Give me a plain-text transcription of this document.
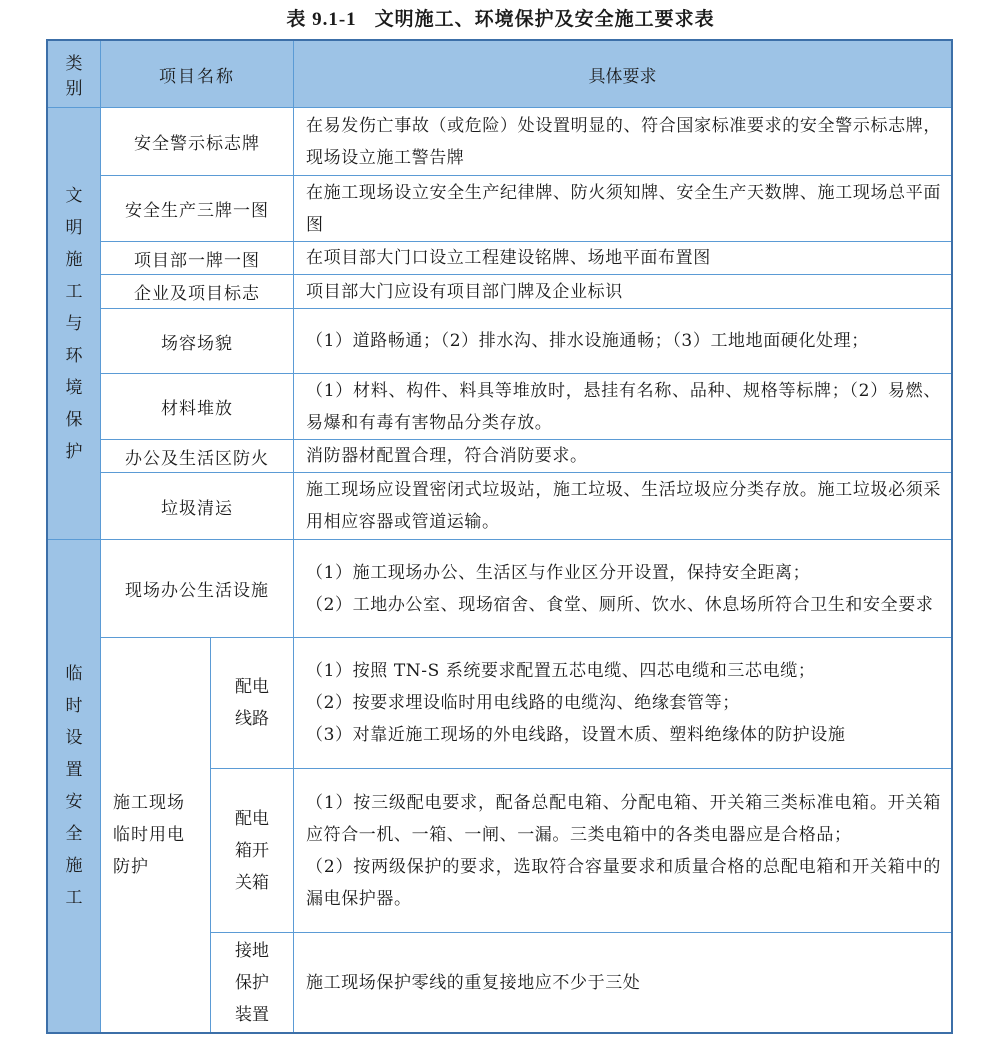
表 9.1-1 文明施工、环境保护及安全施工要求表
类别	项目名称		具体要求
文明施工与环境保护	安全警示标志牌		在易发伤亡事故（或危险）处设置明显的、符合国家标准要求的安全警示标志牌，现场设立施工警告牌
	安全生产三牌一图		在施工现场设立安全生产纪律牌、防火须知牌、安全生产天数牌、施工现场总平面图
	项目部一牌一图		在项目部大门口设立工程建设铭牌、场地平面布置图
	企业及项目标志		项目部大门应设有项目部门牌及企业标识
	场容场貌		（1）道路畅通；（2）排水沟、排水设施通畅；（3）工地地面硬化处理；
	材料堆放		（1）材料、构件、料具等堆放时，悬挂有名称、品种、规格等标牌；（2）易燃、易爆和有毒有害物品分类存放。
	办公及生活区防火		消防器材配置合理，符合消防要求。
	垃圾清运		施工现场应设置密闭式垃圾站，施工垃圾、生活垃圾应分类存放。施工垃圾必须采用相应容器或管道运输。
临时设置安全施工	现场办公生活设施		（1）施工现场办公、生活区与作业区分开设置，保持安全距离；
（2）工地办公室、现场宿舍、食堂、厕所、饮水、休息场所符合卫生和安全要求

	施工现场临时用电防护	配电线路	（1）按照 TN-S 系统要求配置五芯电缆、四芯电缆和三芯电缆；
（2）按要求埋设临时用电线路的电缆沟、绝缘套管等；
（3）对靠近施工现场的外电线路，设置木质、塑料绝缘体的防护设施

		配电箱开关箱	（1）按三级配电要求，配备总配电箱、分配电箱、开关箱三类标准电箱。开关箱应符合一机、一箱、一闸、一漏。三类电箱中的各类电器应是合格品；
（2）按两级保护的要求，选取符合容量要求和质量合格的总配电箱和开关箱中的漏电保护器。

		接地保护装置	施工现场保护零线的重复接地应不少于三处
